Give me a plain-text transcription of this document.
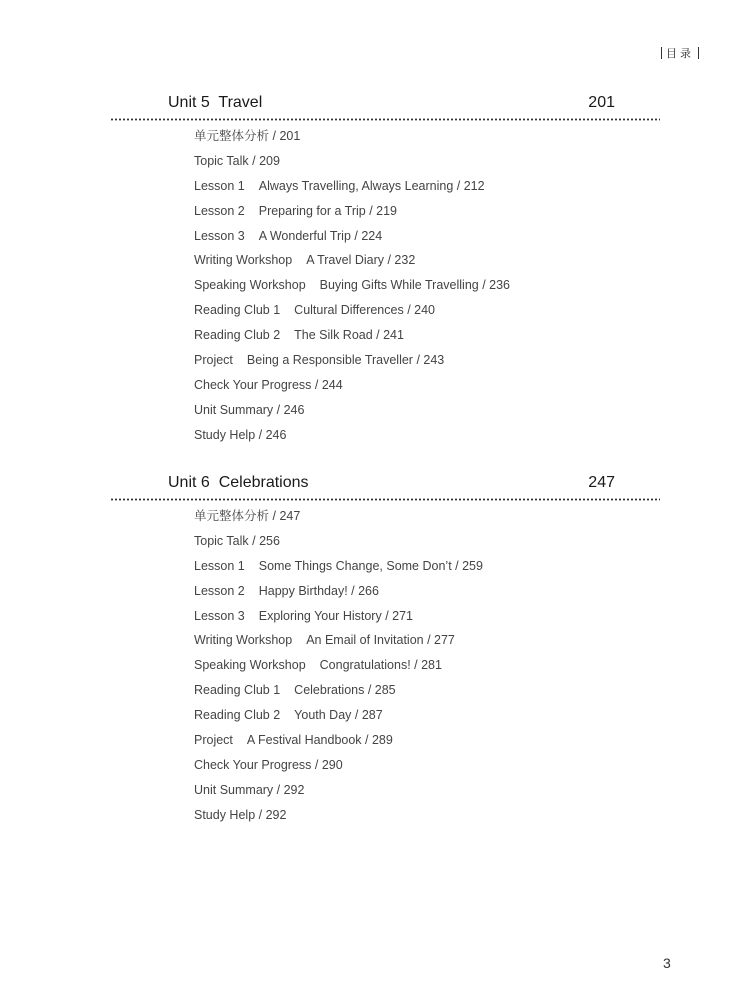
目录
Unit 5  Travel	201
单元整体分析 / 201
Topic Talk / 209
Lesson 1 Always Travelling, Always Learning / 212
Lesson 2 Preparing for a Trip / 219
Lesson 3 A Wonderful Trip / 224
Writing Workshop A Travel Diary / 232
Speaking Workshop Buying Gifts While Travelling / 236
Reading Club 1 Cultural Differences / 240
Reading Club 2 The Silk Road / 241
Project Being a Responsible Traveller / 243
Check Your Progress / 244
Unit Summary / 246
Study Help / 246
Unit 6  Celebrations	247
单元整体分析 / 247
Topic Talk / 256
Lesson 1 Some Things Change, Some Don’t / 259
Lesson 2 Happy Birthday! / 266
Lesson 3 Exploring Your History / 271
Writing Workshop An Email of Invitation / 277
Speaking Workshop Congratulations! / 281
Reading Club 1 Celebrations / 285
Reading Club 2 Youth Day / 287
Project A Festival Handbook / 289
Check Your Progress / 290
Unit Summary / 292
Study Help / 292
3
